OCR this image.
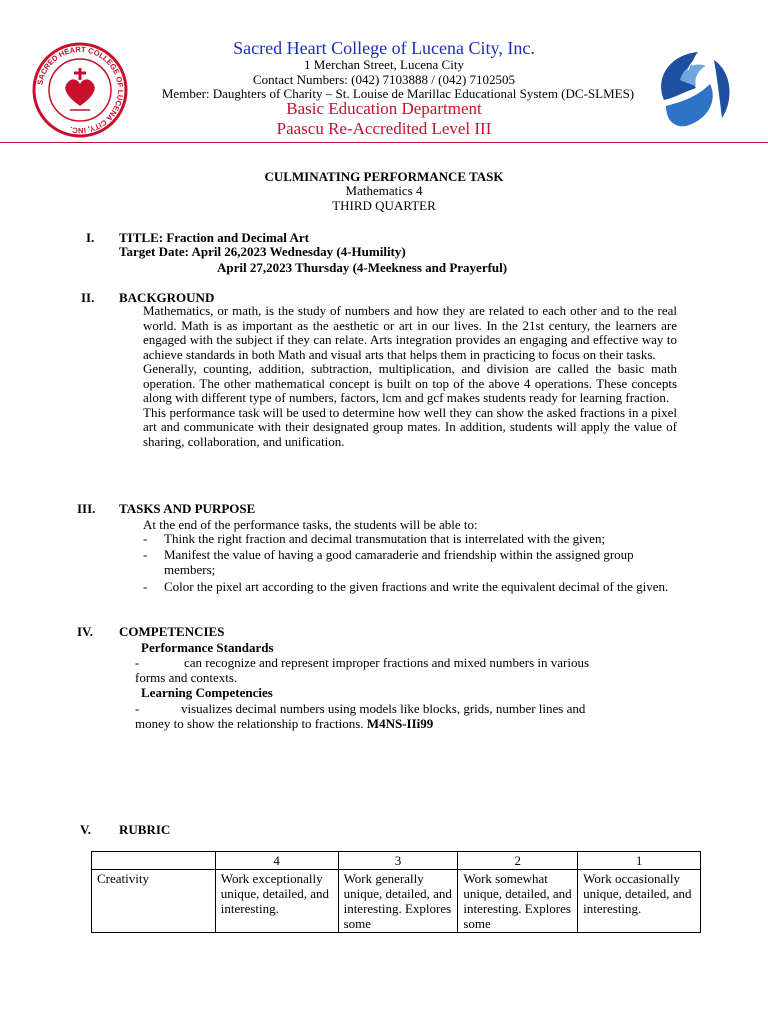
SACRED HEART COLLEGE OF LUCENA CITY, INC.
Sacred Heart College of Lucena City, Inc.
1 Merchan Street, Lucena City
Contact Numbers: (042) 7103888 / (042) 7102505
Member: Daughters of Charity – St. Louise de Marillac Educational System (DC-SLMES)
Basic Education Department
Paascu Re-Accredited Level III
CULMINATING PERFORMANCE TASK
Mathematics 4
THIRD QUARTER
I. TITLE: Fraction and Decimal Art
Target Date: April 26,2023 Wednesday (4-Humility)
April 27,2023 Thursday (4-Meekness and Prayerful)
II. BACKGROUND

Mathematics, or math, is the study of numbers and how they are related to each other and to the real world. Math is as important as the aesthetic or art in our lives. In the 21st century, the learners are engaged with the subject if they can relate. Arts integration provides an engaging and effective way to achieve standards in both Math and visual arts that helps them in practicing to focus on their tasks.

Generally, counting, addition, subtraction, multiplication, and division are called the basic math operation. The other mathematical concept is built on top of the above 4 operations. These concepts along with different type of numbers, factors, lcm and gcf makes students ready for learning fraction.

This performance task will be used to determine how well they can show the asked fractions in a pixel art and communicate with their designated group mates. In addition, students will apply the value of sharing, collaboration, and unification.

III. TASKS AND PURPOSE
At the end of the performance tasks, the students will be able to:
- Think the right fraction and decimal transmutation that is interrelated with the given;
- Manifest the value of having a good camaraderie and friendship within the assigned group members;
- Color the pixel art according to the given fractions and write the equivalent decimal of the given.
IV. COMPETENCIES
Performance Standards
-	can recognize and represent improper fractions and mixed numbers in various
forms and contexts.
Learning Competencies
-	visualizes decimal numbers using models like blocks, grids, number lines and
money to show the relationship to fractions. M4NS-IIi99
V. RUBRIC
	4	3	2	1
Creativity	Work exceptionally unique, detailed, and interesting.	Work generally unique, detailed, and interesting. Explores some	Work somewhat unique, detailed, and interesting. Explores some	Work occasionally unique, detailed, and interesting.
